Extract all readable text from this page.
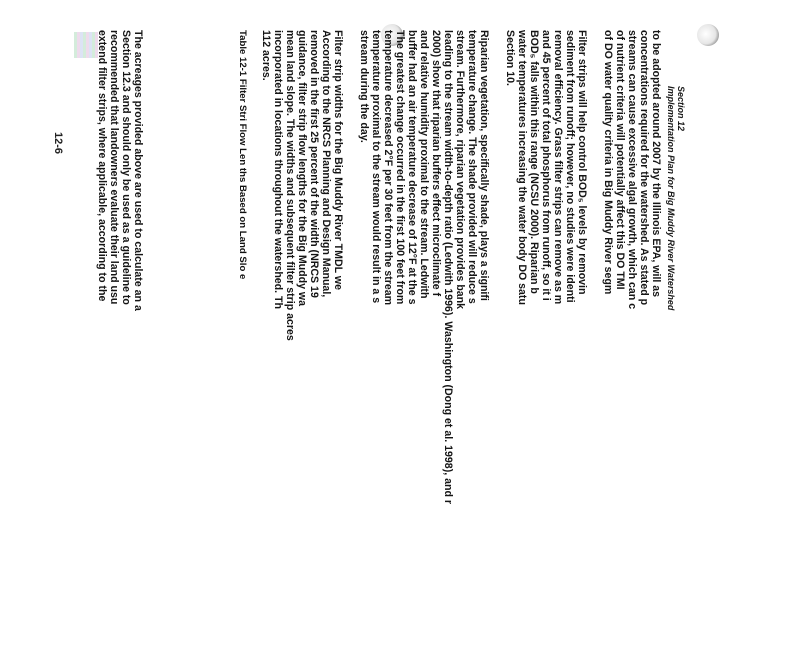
Section 12
Implementation Plan for Big Muddy River Watershed
to be adopted around 2007 by the Illinois EPA, will as
concentrations required for the watershed. As stated p
streams can cause excessive algal growth, which can c
of nutrient criteria will potentially affect this DO TMI
of DO water quality criteria in Big Muddy River segm
Filter strips will help control BOD₅ levels by removin
sediment from runoff; however, no studies were identi
removal efficiency. Grass filter strips can remove as m
and 45 percent of total phosphorus from runoff, so it i
BOD₅ falls within this range (NCSU 2000). Riparian b
water temperatures increasing the water body DO satu
Section 10.
Riparian vegetation, specifically shade, plays a signifi
temperature change. The shade provided will reduce s
stream. Furthermore, riparian vegetation provides bank
leading to the stream width-to-depth ratio (Ledwith 1996). Washington (Dong et al. 1998), and r
2000) show that riparian buffers effect microclimate f
and relative humidity proximal to the stream. Ledwith
buffer had an air temperature decrease of 12°F at the s
The greatest change occurred in the first 100 feet from
temperature decreased 2°F per 30 feet from the stream
temperature proximal to the stream would result in a s
stream during the day.
Filter strip widths for the Big Muddy River TMDL we
According to the NRCS Planning and Design Manual,
removed in the first 25 percent of the width (NRCS 19
guidance, filter strip flow lengths for the Big Muddy wa
mean land slope. The widths and subsequent filter strip acres
incorporated in locations throughout the watershed. Th
112 acres.
Table 12-1 Filter Stri Flow Len ths Based on Land Slo e
The acreages provided above are used to calculate an a
Section 12.3 and should only be used as a guideline to
recommended that landowners evaluate their land usu
extend filter strips, where applicable, according to the
12-6
